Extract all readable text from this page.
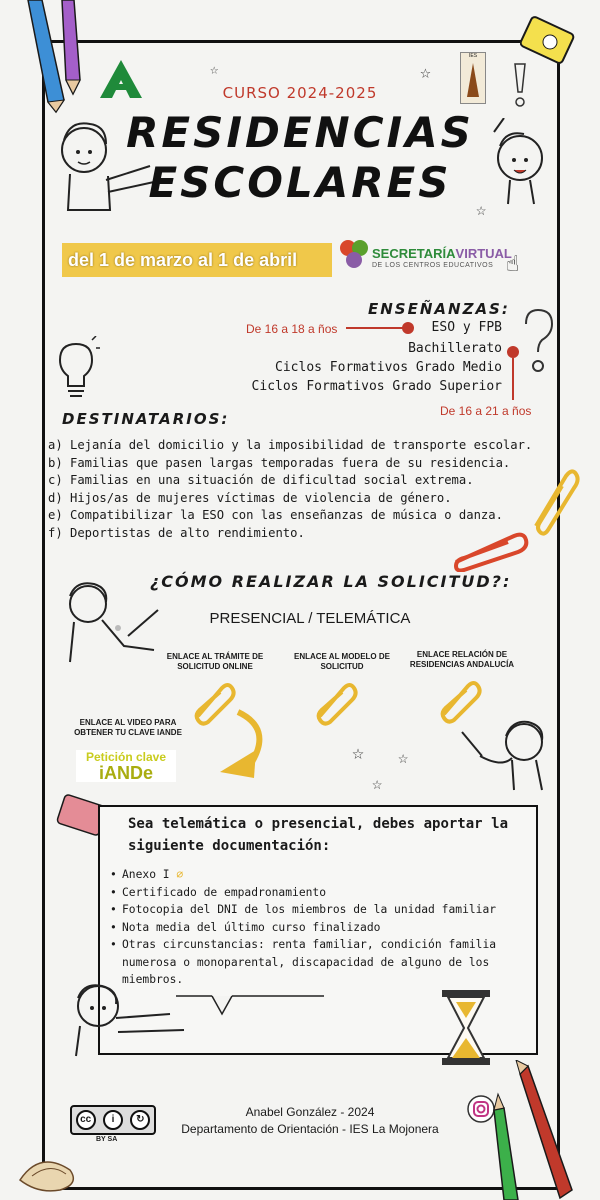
IES
☆
☆
☆
CURSO 2024-2025
RESIDENCIAS
ESCOLARES
del 1 de marzo al 1 de abril	SECRETARÍAVIRTUAL
DE LOS CENTROS EDUCATIVOS ☝
ENSEÑANZAS:
ESO y FPB
Bachillerato
Ciclos Formativos Grado Medio
Ciclos Formativos Grado Superior
De 16 a 18 a ños
De 16 a 21 a ños
DESTINATARIOS:
a) Lejanía del domicilio y la imposibilidad de transporte escolar.
b) Familias que pasen largas temporadas fuera de su residencia.
c) Familias en una situación de dificultad social extrema.
d) Hijos/as de mujeres víctimas de violencia de género.
e) Compatibilizar la ESO con las enseñanzas de música o danza.
f) Deportistas de alto rendimiento.
¿CÓMO REALIZAR LA SOLICITUD?:
PRESENCIAL / TELEMÁTICA
ENLACE AL TRÁMITE DE
SOLICITUD ONLINE
ENLACE AL MODELO DE
SOLICITUD
ENLACE RELACIÓN DE
RESIDENCIAS ANDALUCÍA
ENLACE AL VIDEO PARA
OBTENER TU CLAVE IANDE
Petición clave
iANDe
☆ ☆
☆
Sea telemática o presencial, debes aportar la siguiente documentación:
• Anexo I ⌀
• Certificado de empadronamiento
• Fotocopia del DNI de los miembros de la unidad familiar
• Nota media del último curso finalizado
• Otras circunstancias: renta familiar, condición familia numerosa o monoparental, discapacidad de alguno de los miembros.
cc	i	↻
BY SA
Anabel González - 2024
Departamento de Orientación - IES La Mojonera
